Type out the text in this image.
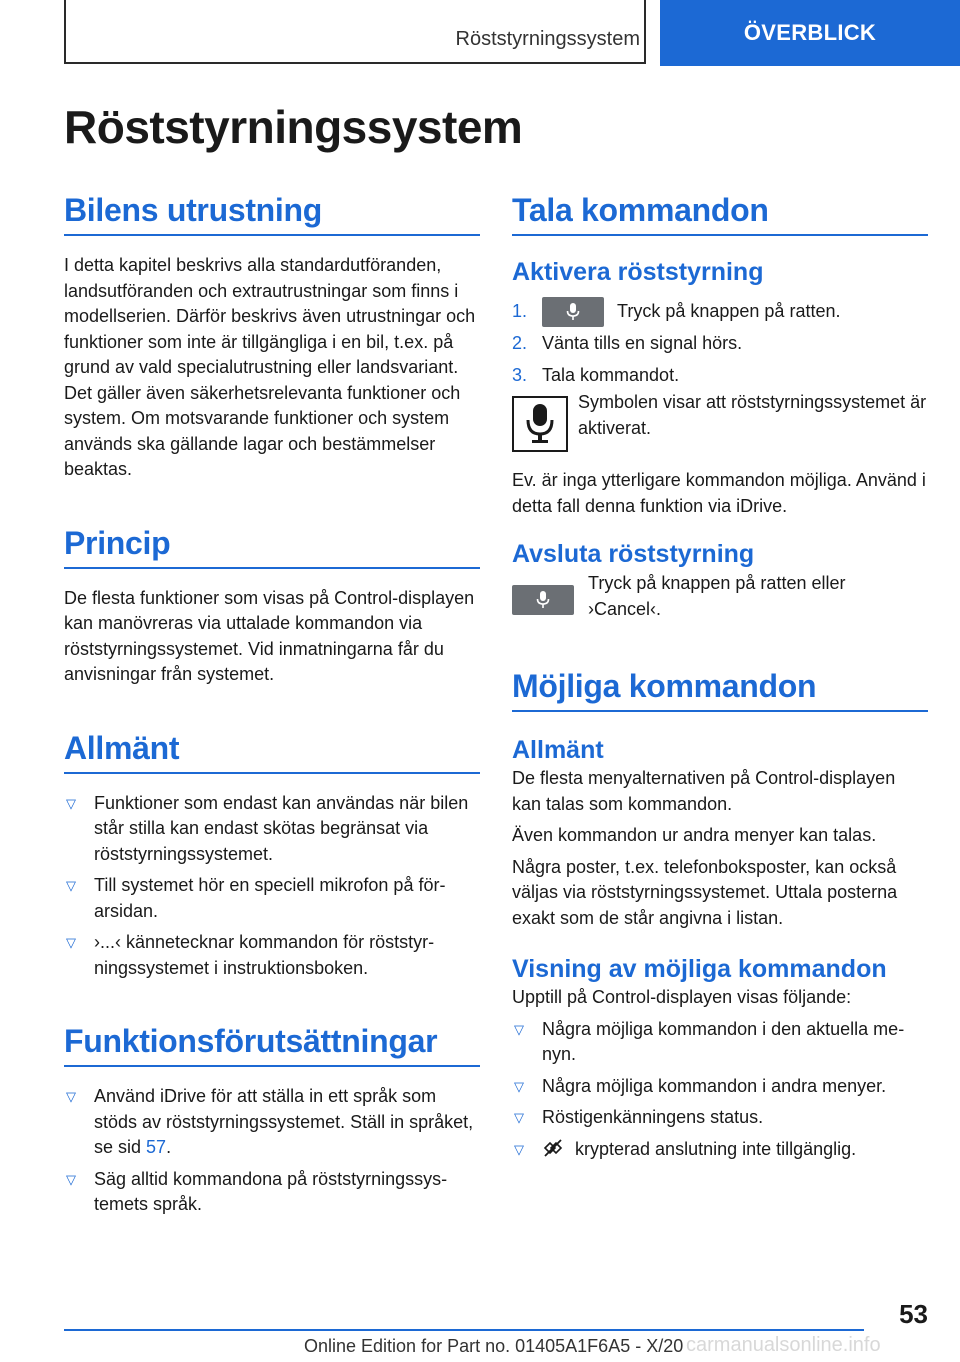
Röststyrningssystem	ÖVERBLICK
Röststyrningssystem
Bilens utrustning

I detta kapitel beskrivs alla standardutföranden, landsutföranden och extrautrustningar som finns i modellserien. Därför beskrivs även utrustningar och funktioner som inte är tillgängliga i en bil, t.ex. på grund av vald specialutrustning eller landsvariant. Det gäller även säkerhetsrelevanta funktioner och system. Om motsvarande funktioner och system används ska gällande lagar och bestämmelser beaktas.

Princip

De flesta funktioner som visas på Control-displayen kan manövreras via uttalade kommandon via röststyrningssystemet. Vid inmatningarna får du anvisningar från systemet.

Allmänt
▽ Funktioner som endast kan användas när bilen står stilla kan endast skötas begränsat via röststyrningssystemet.
▽ Till systemet hör en speciell mikrofon på förarsidan.
▽ ›...‹ kännetecknar kommandon för röststyrningssystemet i instruktionsboken.
Funktionsförutsättningar
▽ Använd iDrive för att ställa in ett språk som stöds av röststyrningssystemet. Ställ in språket, se sid 57.
▽ Säg alltid kommandona på röststyrningssystemets språk.
Tala kommandon
Aktivera röststyrning
1.	Tryck på knappen på ratten.
2. Vänta tills en signal hörs.
3. Tala kommandot.

Symbolen visar att röststyrningssystemet är aktiverat.

Ev. är inga ytterligare kommandon möjliga. Använd i detta fall denna funktion via iDrive.

Avsluta röststyrning

Tryck på knappen på ratten eller ›Cancel‹.

Möjliga kommandon
Allmänt

De flesta menyalternativen på Control-displayen kan talas som kommandon.

Även kommandon ur andra menyer kan talas.

Några poster, t.ex. telefonboksposter, kan också väljas via röststyrningssystemet. Uttala posterna exakt som de står angivna i listan.

Visning av möjliga kommandon

Upptill på Control-displayen visas följande:

▽ Några möjliga kommandon i den aktuella menyn.
▽ Några möjliga kommandon i andra menyer.
▽ Röstigenkänningens status.
▽	krypterad anslutning inte tillgänglig.
53
Online Edition for Part no. 01405A1F6A5 - X/20 carmanualsonline.info
